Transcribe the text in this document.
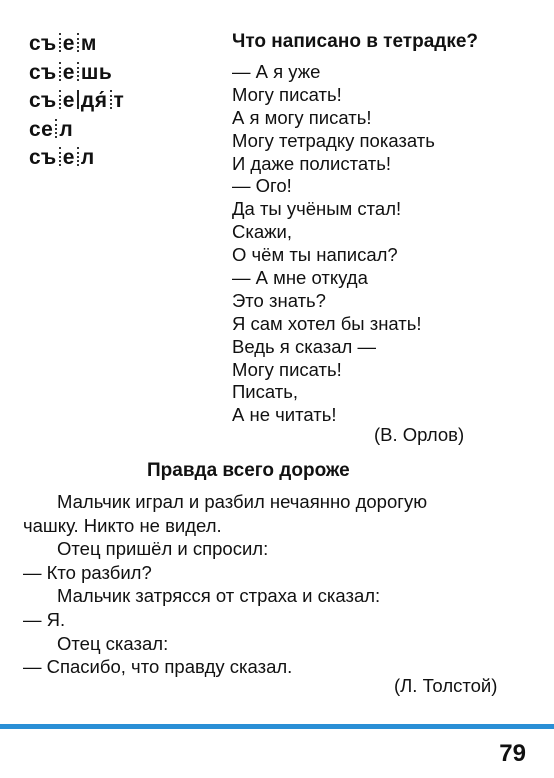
съ е м
съ е шь
съ е дя́ т
се л
съ е л
Что написано в тетрадке?
— А я уже
Могу писать!
А я могу писать!
Могу тетрадку показать
И даже полистать!
— Ого!
Да ты учёным стал!
Скажи,
О чём ты написал?
— А мне откуда
Это знать?
Я сам хотел бы знать!
Ведь я сказал —
Могу писать!
Писать,
А не читать!
(В. Орлов)
Правда всего дороже
Мальчик играл и разбил нечаянно дорогую
чашку. Никто не видел.
Отец пришёл и спросил:
— Кто разбил?
Мальчик затрясся от страха и сказал:
— Я.
Отец сказал:
— Спасибо, что правду сказал.
(Л. Толстой)
79
